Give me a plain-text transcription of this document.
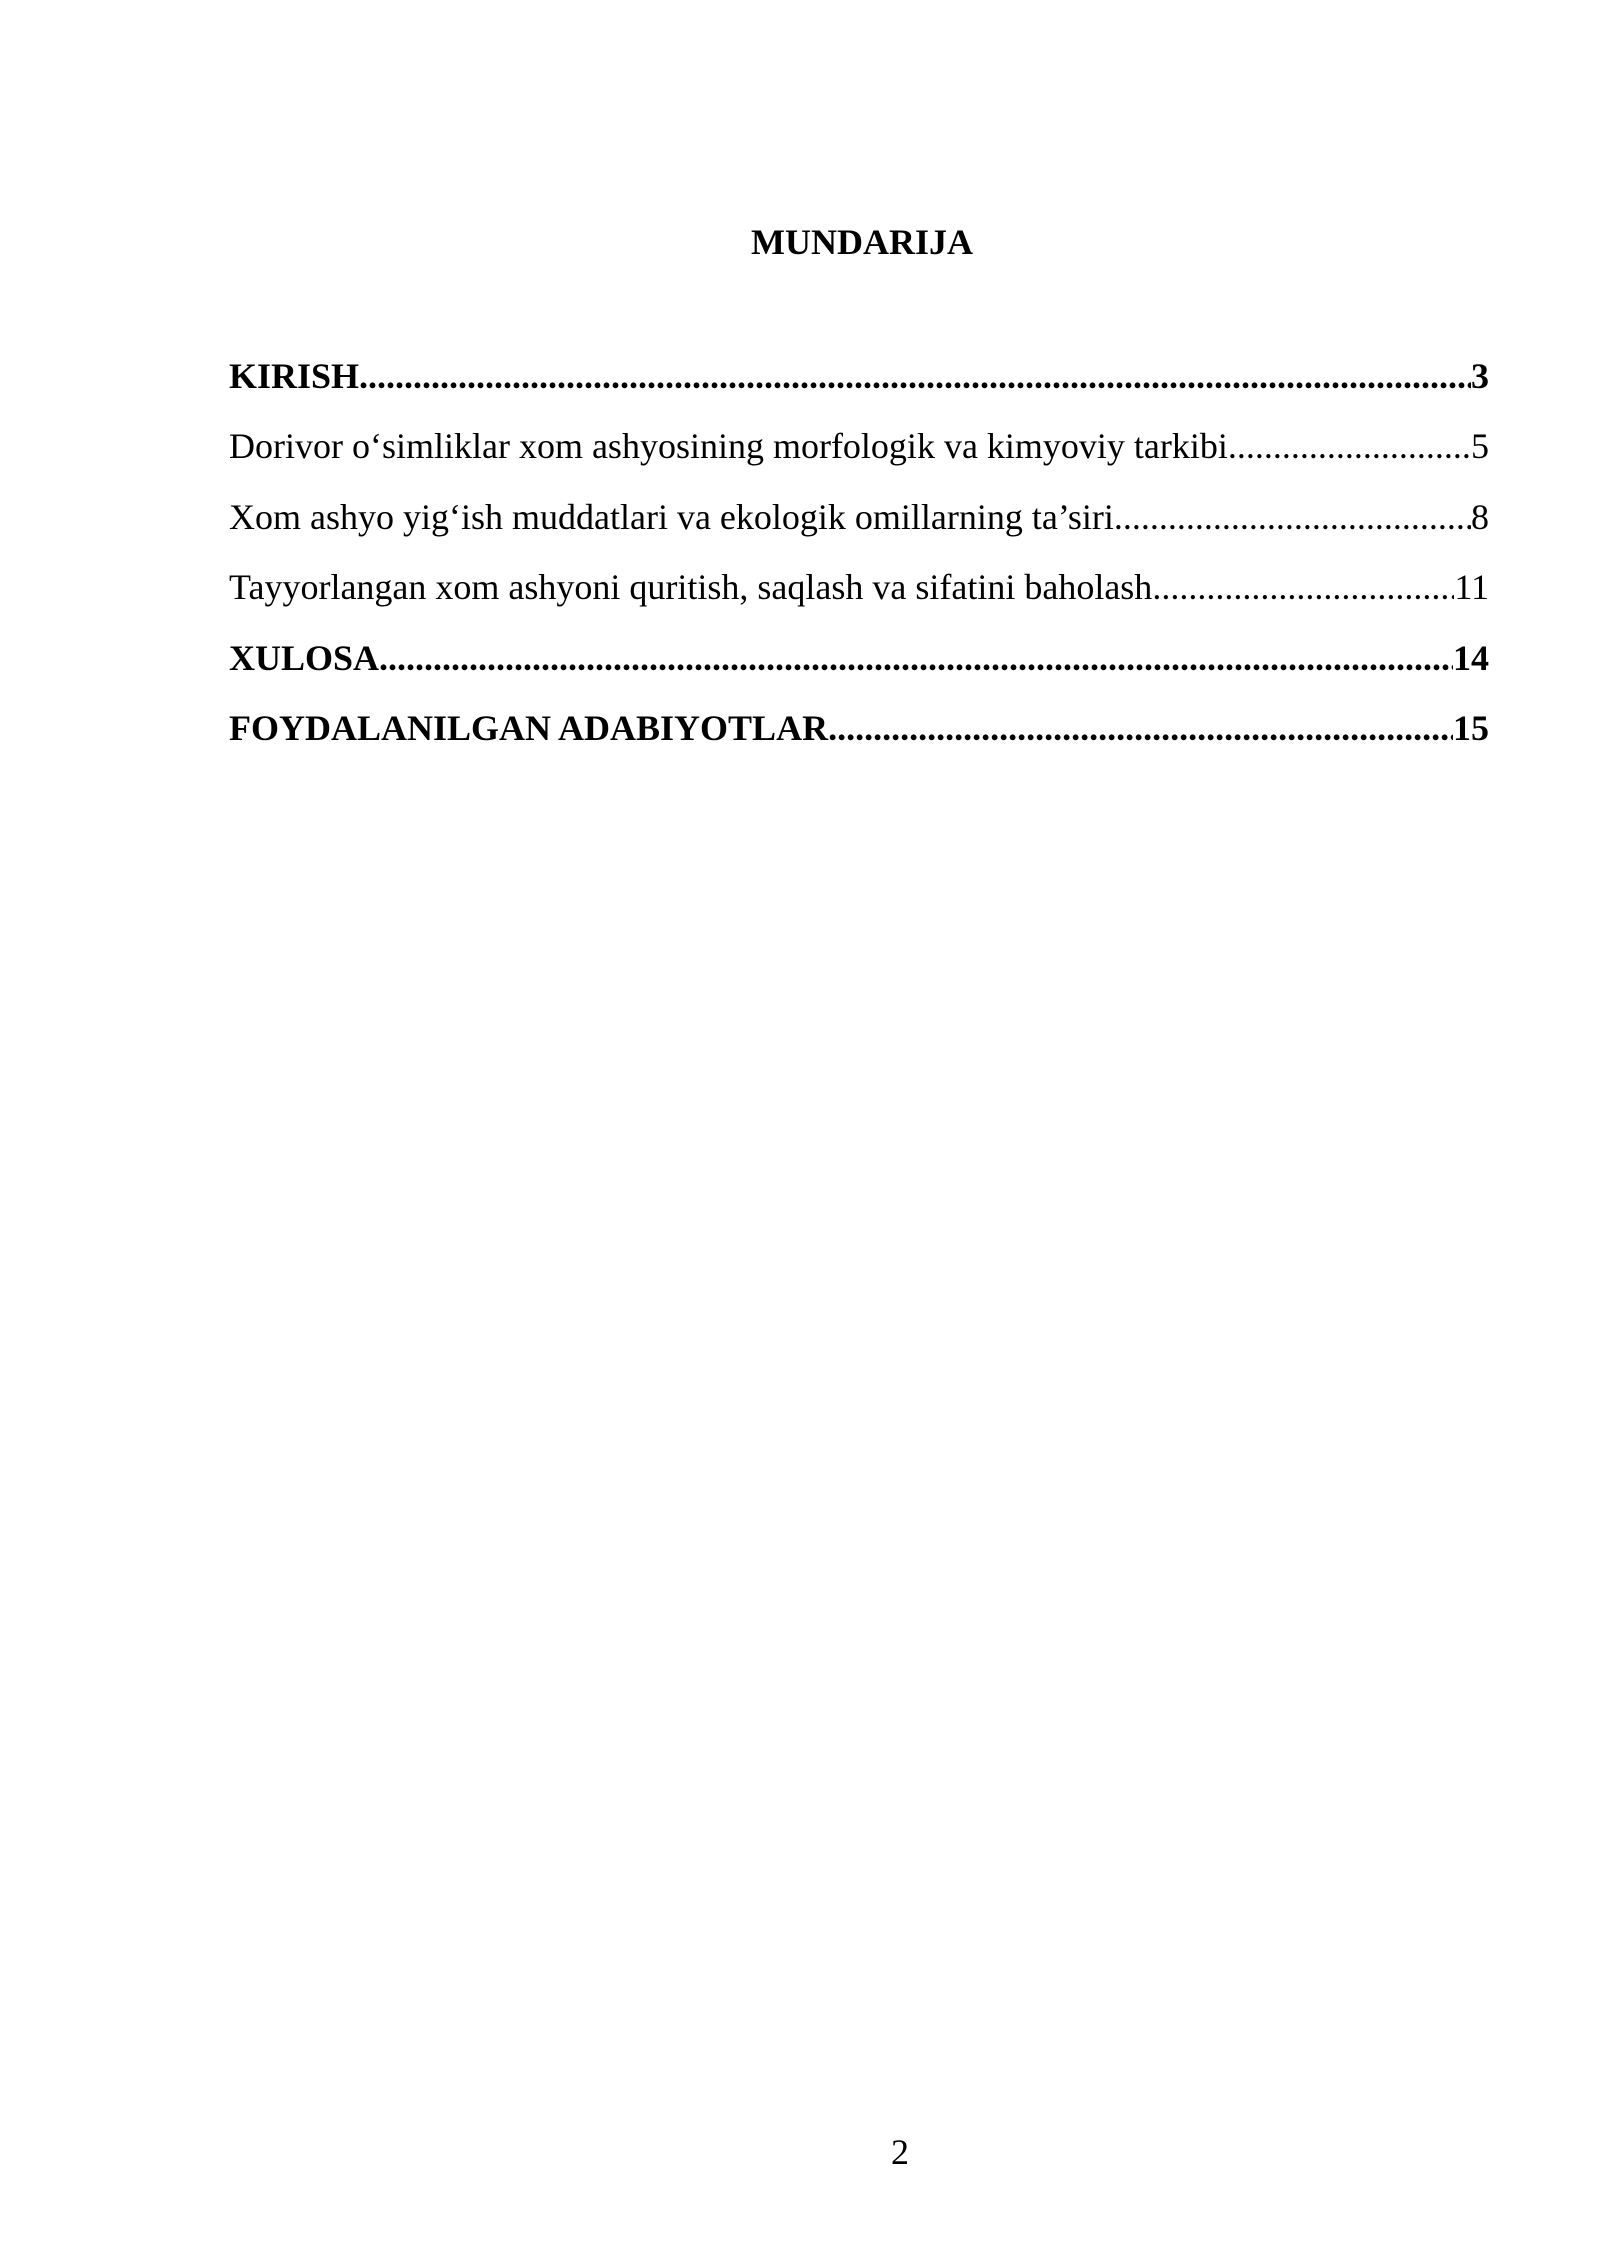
MUNDARIJA
KIRISH .....	3
Dorivor o‘simliklar xom ashyosining morfologik va kimyoviy tarkibi .....	5
Xom ashyo yig‘ish muddatlari va ekologik omillarning ta’siri .....	8
Tayyorlangan xom ashyoni quritish, saqlash va sifatini baholash .....	11
XULOSA .....	14
FOYDALANILGAN ADABIYOTLAR .....	15
2
